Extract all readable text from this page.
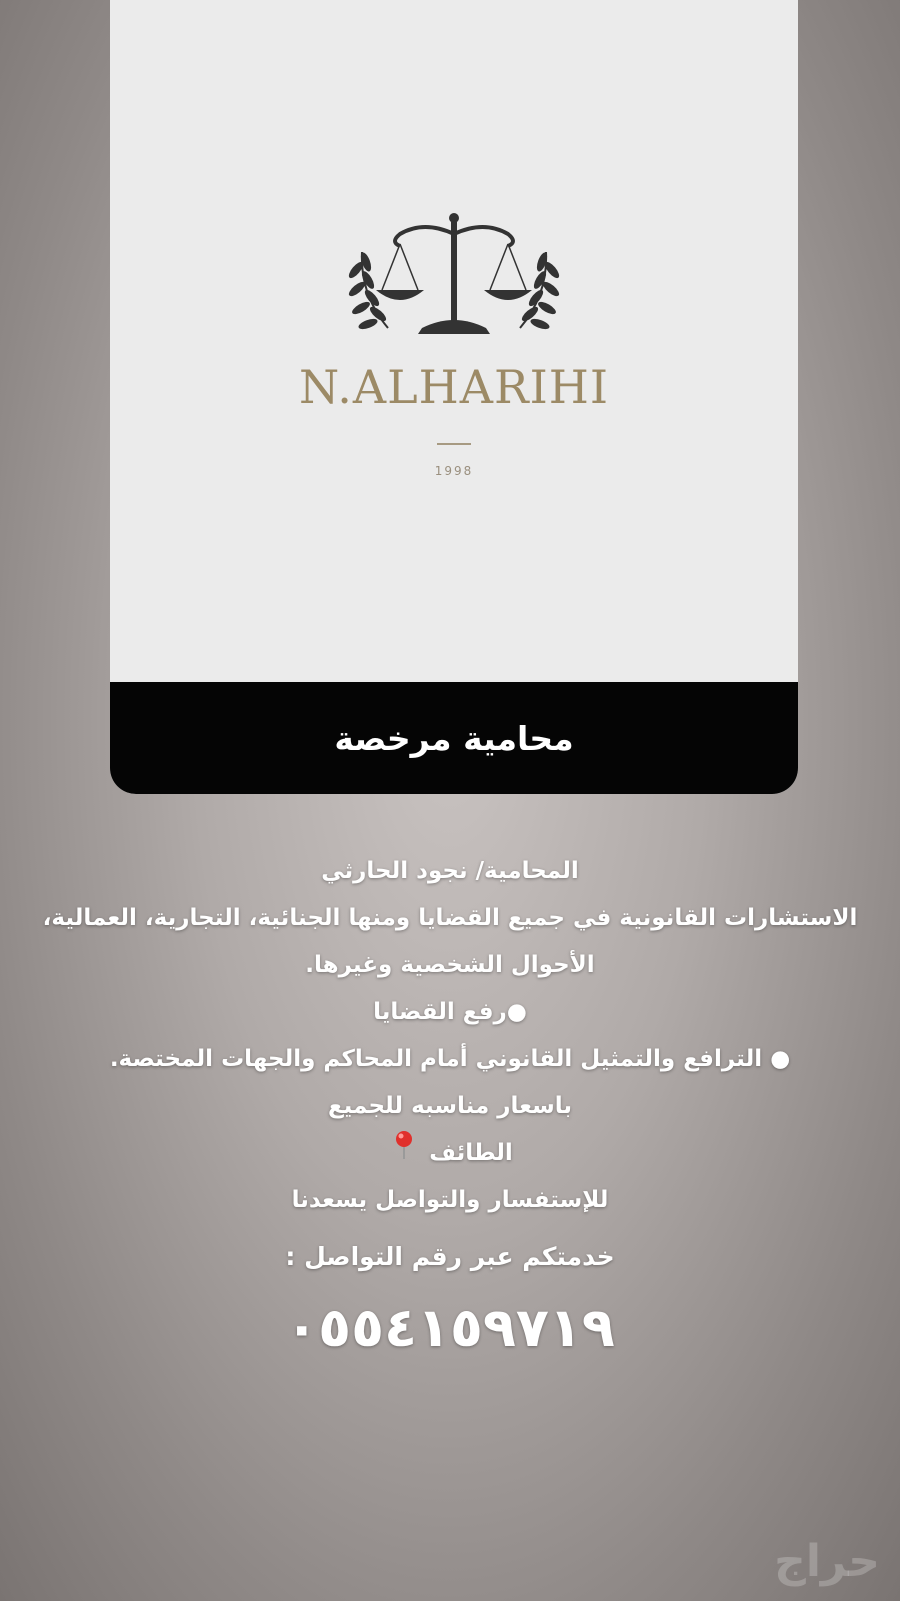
N.ALHARIHI
1998
محامية مرخصة
المحامية/ نجود الحارثي
الاستشارات القانونية في جميع القضايا ومنها الجنائية، التجارية، العمالية،
الأحوال الشخصية وغيرها.
●رفع القضايا
● الترافع والتمثيل القانوني أمام المحاكم والجهات المختصة.
باسعار مناسبه للجميع
الطائف
للإستفسار والتواصل يسعدنا
خدمتكم عبر رقم التواصل :
٠٥٥٤١٥٩٧١٩
حراج
